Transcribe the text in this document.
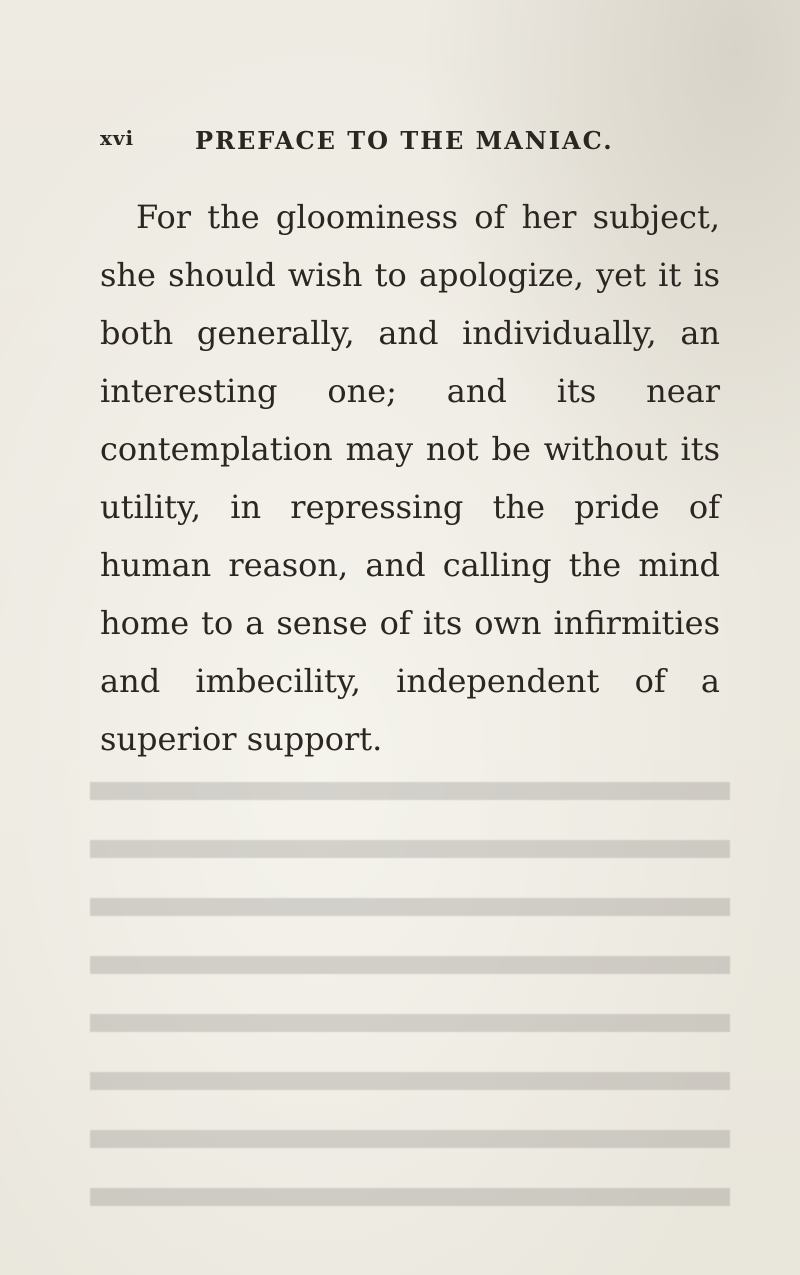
xvi	PREFACE TO THE MANIAC.

For the gloominess of her subject, she should wish to apologize, yet it is both generally, and individually, an interesting one; and its near contemplation may not be without its utility, in repressing the pride of human reason, and calling the mind home to a sense of its own infirmities and imbecility, independent of a superior support.
